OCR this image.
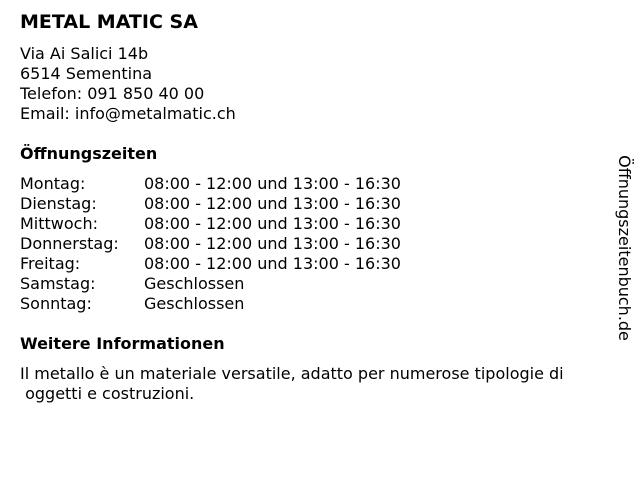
METAL MATIC SA
Via Ai Salici 14b
6514 Sementina
Telefon: 091 850 40 00
Email: info@metalmatic.ch
Öffnungszeiten
Montag:	08:00 - 12:00 und 13:00 - 16:30
Dienstag:	08:00 - 12:00 und 13:00 - 16:30
Mittwoch:	08:00 - 12:00 und 13:00 - 16:30
Donnerstag: 08:00 - 12:00 und 13:00 - 16:30
Freitag:	08:00 - 12:00 und 13:00 - 16:30
Samstag:	Geschlossen
Sonntag:	Geschlossen
Weitere Informationen
Il metallo è un materiale versatile, adatto per numerose tipologie di
oggetti e costruzioni.
Öffnungszeitenbuch.de
